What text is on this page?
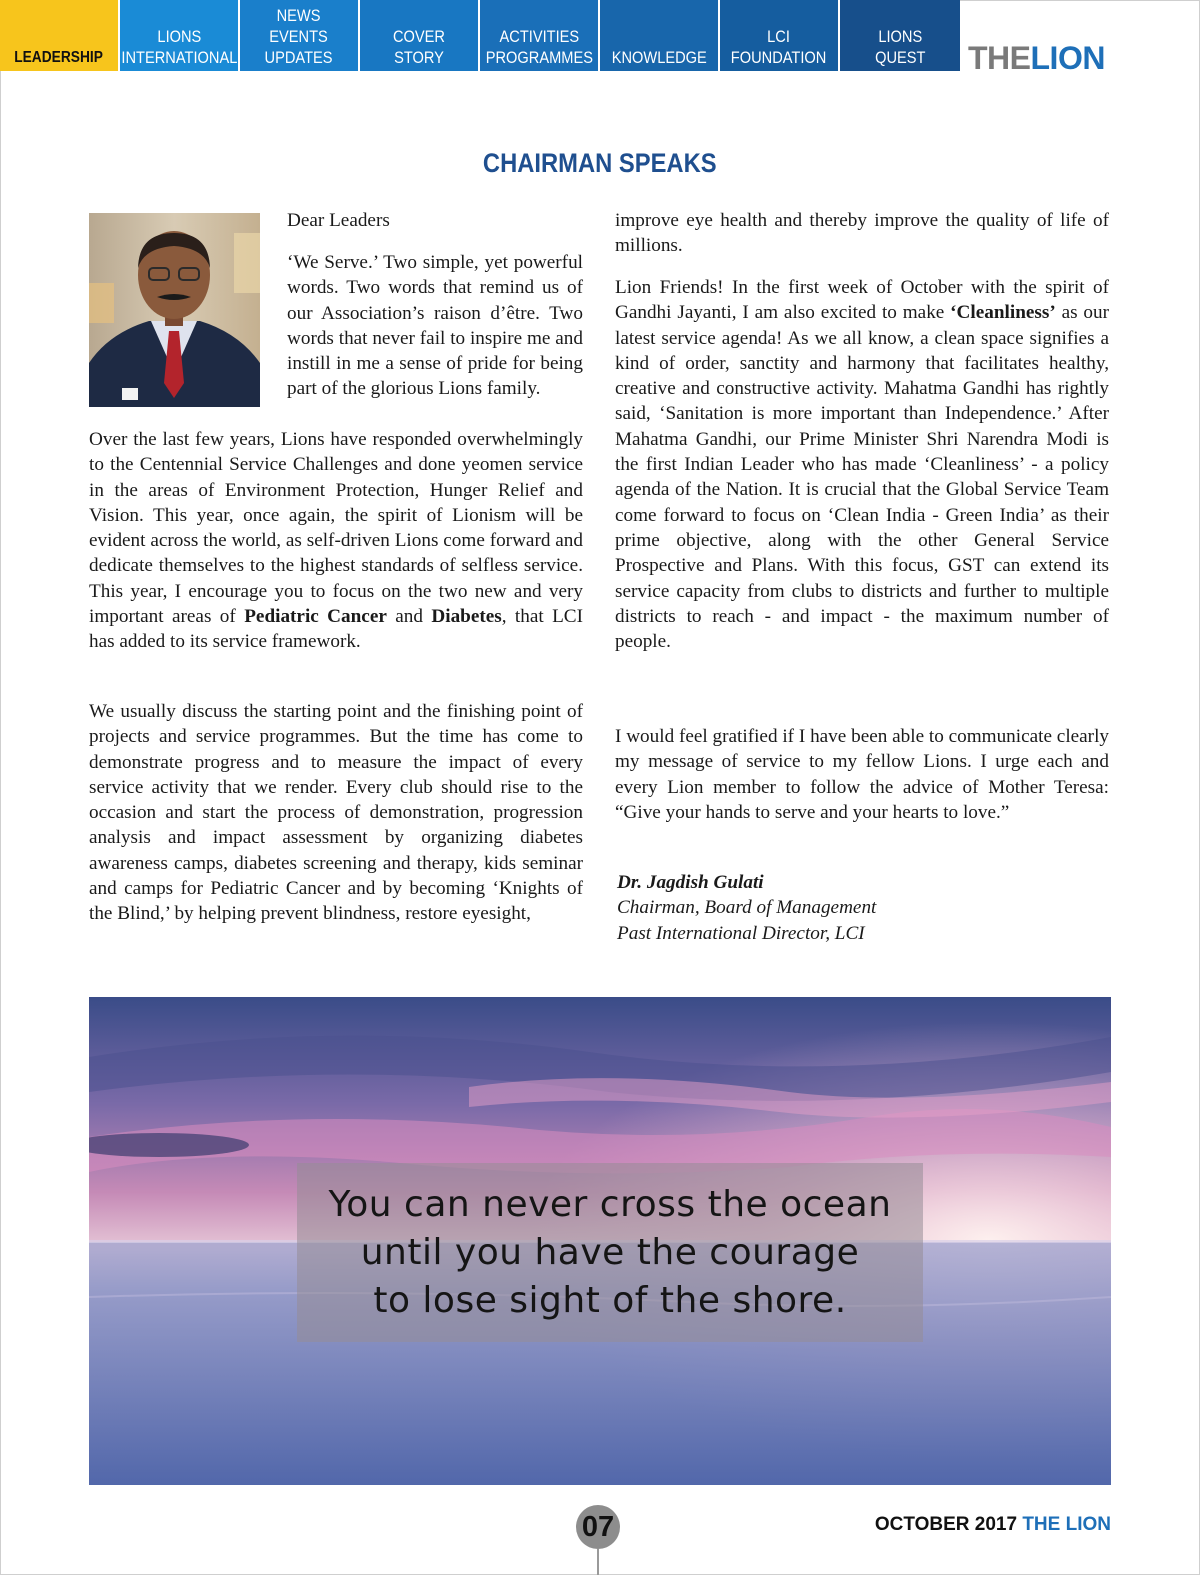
LEADERSHIP
LIONS
INTERNATIONAL
NEWS
EVENTS
UPDATES
COVER STORY
ACTIVITIES
PROGRAMMES KNOWLEDGE
LCI
FOUNDATION
LIONS
QUEST THELION
CHAIRMAN SPEAKS

Dear Leaders

‘We Serve.’ Two simple, yet powerful words. Two words that remind us of our Association’s raison d’être. Two words that never fail to inspire me and instill in me a sense of pride for being part of the glorious Lions family.

Over the last few years, Lions have responded overwhelmingly to the Centennial Service Challenges and done yeomen service in the areas of Environment Protection, Hunger Relief and Vision. This year, once again, the spirit of Lionism will be evident across the world, as self-driven Lions come forward and dedicate themselves to the highest standards of selfless service. This year, I encourage you to focus on the two new and very important areas of Pediatric Cancer and Diabetes, that LCI has added to its service framework.

We usually discuss the starting point and the finishing point of projects and service programmes. But the time has come to demonstrate progress and to measure the impact of every service activity that we render. Every club should rise to the occasion and start the process of demonstration, progression analysis and impact assessment by organizing diabetes awareness camps, diabetes screening and therapy, kids seminar and camps for Pediatric Cancer and by becoming ‘Knights of the Blind,’ by helping prevent blindness, restore eyesight,

improve eye health and thereby improve the quality of life of millions.

Lion Friends! In the first week of October with the spirit of Gandhi Jayanti, I am also excited to make ‘Cleanliness’ as our latest service agenda! As we all know, a clean space signifies a kind of order, sanctity and harmony that facilitates healthy, creative and constructive activity. Mahatma Gandhi has rightly said, ‘Sanitation is more important than Independence.’ After Mahatma Gandhi, our Prime Minister Shri Narendra Modi is the first Indian Leader who has made ‘Cleanliness’ - a policy agenda of the Nation. It is crucial that the Global Service Team come forward to focus on ‘Clean India - Green India’ as their prime objective, along with the other General Service Prospective and Plans. With this focus, GST can extend its service capacity from clubs to districts and further to multiple districts to reach - and impact - the maximum number of people.

I would feel gratified if I have been able to communicate clearly my message of service to my fellow Lions. I urge each and every Lion member to follow the advice of Mother Teresa: “Give your hands to serve and your hearts to love.”

Dr. Jagdish Gulati
Chairman, Board of Management
Past International Director, LCI
You can never cross the ocean
until you have the courage
to lose sight of the shore.
07	OCTOBER 2017 THE LION
